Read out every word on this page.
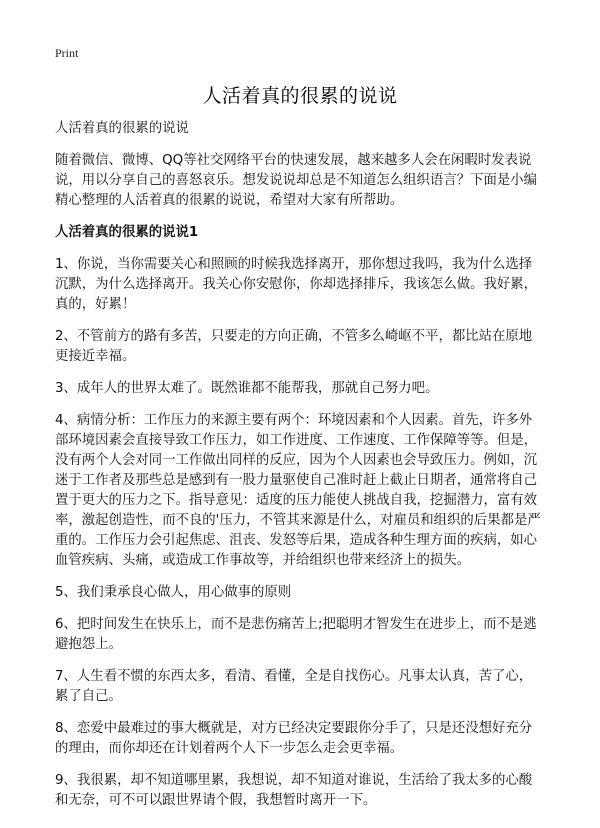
Print
人活着真的很累的说说

人活着真的很累的说说

随着微信、微博、QQ等社交网络平台的快速发展，越来越多人会在闲暇时发表说说，用以分享自己的喜怒哀乐。想发说说却总是不知道怎么组织语言？下面是小编精心整理的人活着真的很累的说说，希望对大家有所帮助。

人活着真的很累的说说1

1、你说，当你需要关心和照顾的时候我选择离开，那你想过我吗，我为什么选择沉默，为什么选择离开。我关心你安慰你，你却选择排斥，我该怎么做。我好累，真的，好累！

2、不管前方的路有多苦，只要走的方向正确，不管多么崎岖不平，都比站在原地更接近幸福。

3、成年人的世界太难了。既然谁都不能帮我，那就自己努力吧。

4、病情分析：工作压力的来源主要有两个：环境因素和个人因素。首先，许多外部环境因素会直接导致工作压力，如工作进度、工作速度、工作保障等等。但是，没有两个人会对同一工作做出同样的反应，因为个人因素也会导致压力。例如，沉迷于工作者及那些总是感到有一股力量驱使自己准时赶上截止日期者，通常将自己置于更大的压力之下。指导意见：适度的压力能使人挑战自我，挖掘潜力，富有效率，激起创造性，而不良的'压力，不管其来源是什么，对雇员和组织的后果都是严重的。工作压力会引起焦虑、沮丧、发怒等后果，造成各种生理方面的疾病，如心血管疾病、头痛，或造成工作事故等，并给组织也带来经济上的损失。

5、我们秉承良心做人，用心做事的原则

6、把时间发生在快乐上，而不是悲伤痛苦上;把聪明才智发生在进步上，而不是逃避抱怨上。

7、人生看不惯的东西太多，看清、看懂，全是自找伤心。凡事太认真，苦了心，累了自己。

8、恋爱中最难过的事大概就是，对方已经决定要跟你分手了，只是还没想好充分的理由，而你却还在计划着两个人下一步怎么走会更幸福。

9、我很累，却不知道哪里累，我想说，却不知道对谁说，生活给了我太多的心酸和无奈，可不可以跟世界请个假，我想暂时离开一下。
